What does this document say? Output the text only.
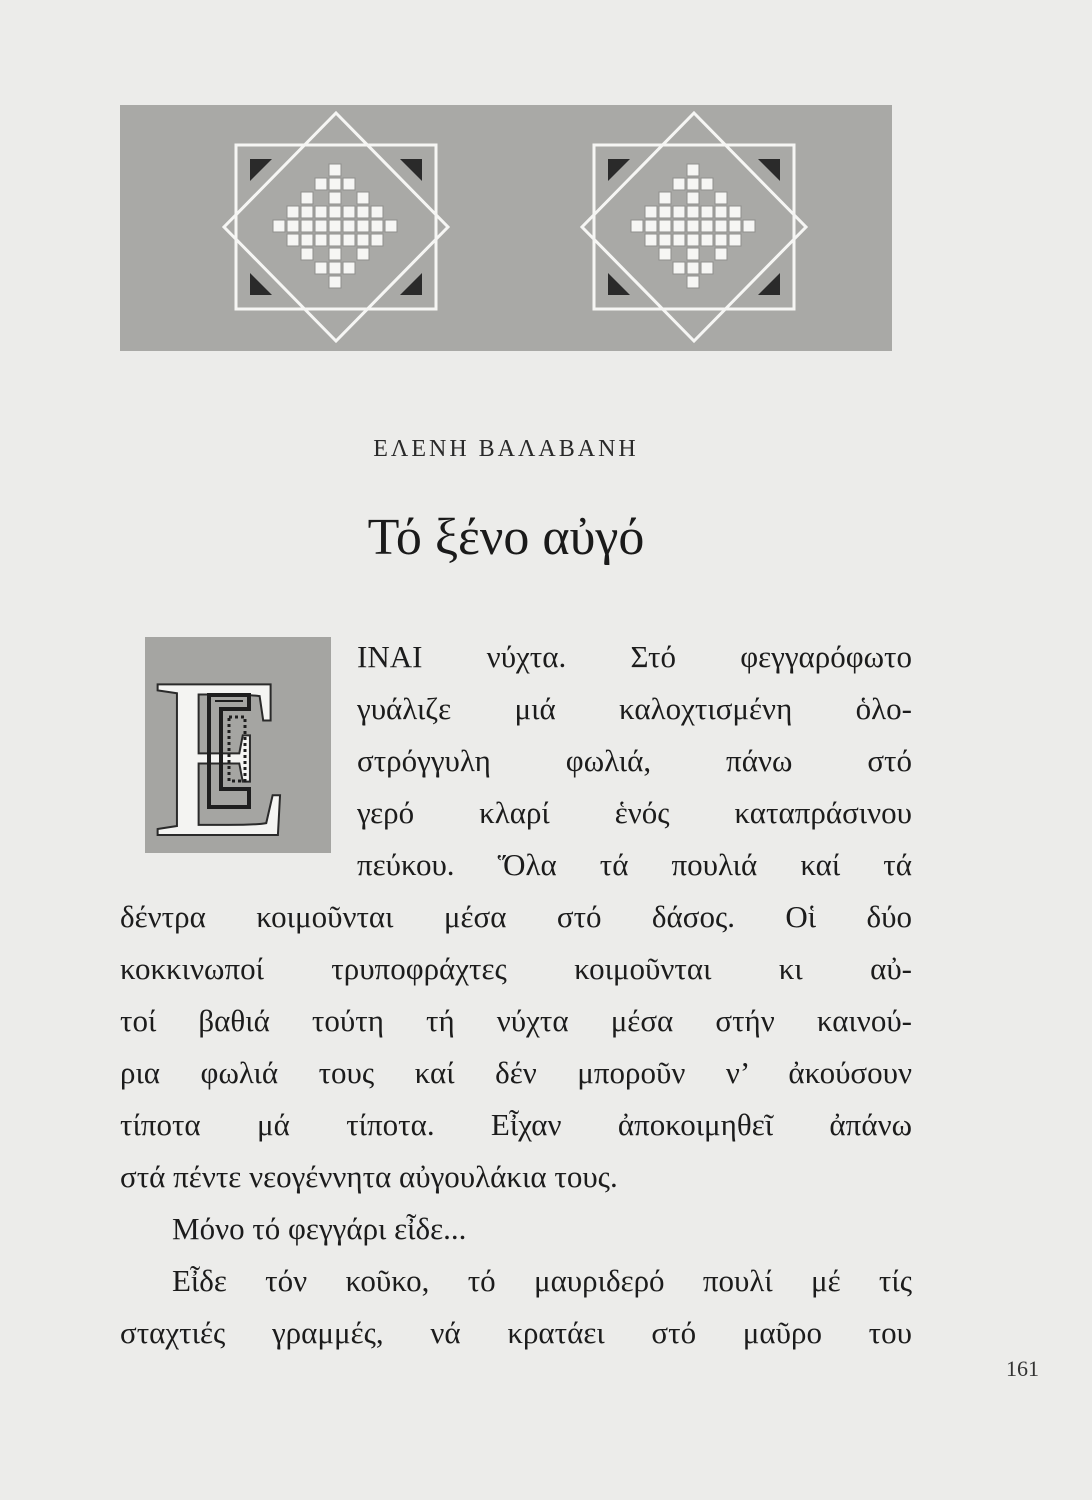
ΕΛΕΝΗ ΒΑΛΑΒΑΝΗ
Τό ξένο αὐγό
Ε ΙΝΑΙ νύχτα. Στό φεγγαρόφωτο
γυάλιζε μιά καλοχτισμένη ὁλο-
στρόγγυλη φωλιά, πάνω στό
γερό κλαρί ἑνός καταπράσινου
πεύκου. Ὅλα τά πουλιά καί τά
δέντρα κοιμοῦνται μέσα στό δάσος. Οἱ δύο
κοκκινωποί τρυποφράχτες κοιμοῦνται κι αὐ-
τοί βαθιά τούτη τή νύχτα μέσα στήν καινού-
ρια φωλιά τους καί δέν μποροῦν ν’ ἀκούσουν
τίποτα μά τίποτα. Εἶχαν ἀποκοιμηθεῖ ἀπάνω
στά πέντε νεογέννητα αὐγουλάκια τους.
Μόνο τό φεγγάρι εἶδε...
Εἶδε τόν κοῦκο, τό μαυριδερό πουλί μέ τίς
σταχτιές γραμμές, νά κρατάει στό μαῦρο του
161
